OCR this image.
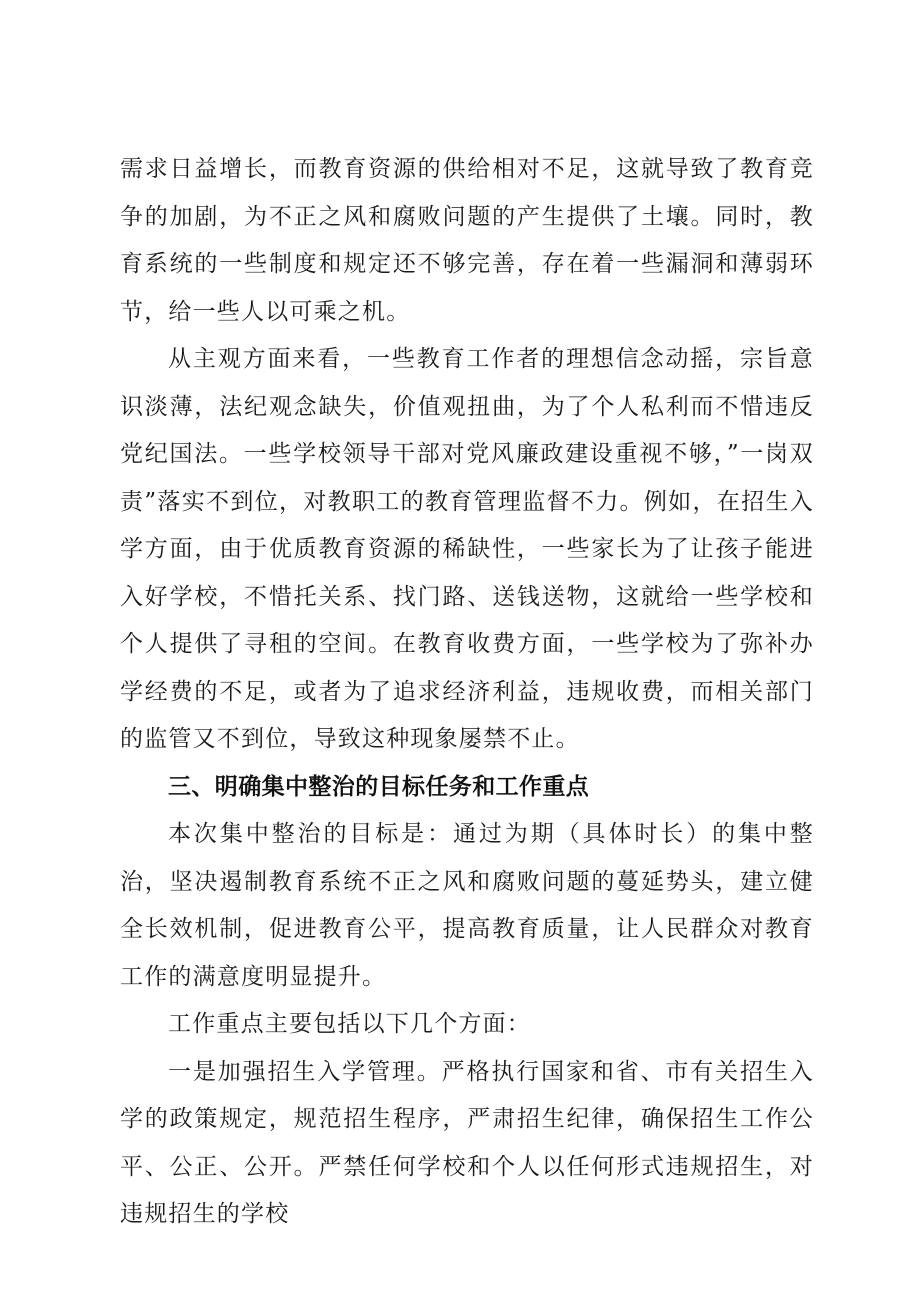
需求日益增长，而教育资源的供给相对不足，这就导致了教育竞争的加剧，为不正之风和腐败问题的产生提供了土壤。同时，教育系统的一些制度和规定还不够完善，存在着一些漏洞和薄弱环节，给一些人以可乘之机。

从主观方面来看，一些教育工作者的理想信念动摇，宗旨意识淡薄，法纪观念缺失，价值观扭曲，为了个人私利而不惜违反党纪国法。一些学校领导干部对党风廉政建设重视不够，”一岗双责”落实不到位，对教职工的教育管理监督不力。例如，在招生入学方面，由于优质教育资源的稀缺性，一些家长为了让孩子能进入好学校，不惜托关系、找门路、送钱送物，这就给一些学校和个人提供了寻租的空间。在教育收费方面，一些学校为了弥补办学经费的不足，或者为了追求经济利益，违规收费，而相关部门的监管又不到位，导致这种现象屡禁不止。

三、明确集中整治的目标任务和工作重点

本次集中整治的目标是：通过为期（具体时长）的集中整治，坚决遏制教育系统不正之风和腐败问题的蔓延势头，建立健全长效机制，促进教育公平，提高教育质量，让人民群众对教育工作的满意度明显提升。

工作重点主要包括以下几个方面：

一是加强招生入学管理。严格执行国家和省、市有关招生入学的政策规定，规范招生程序，严肃招生纪律，确保招生工作公平、公正、公开。严禁任何学校和个人以任何形式违规招生，对违规招生的学校
